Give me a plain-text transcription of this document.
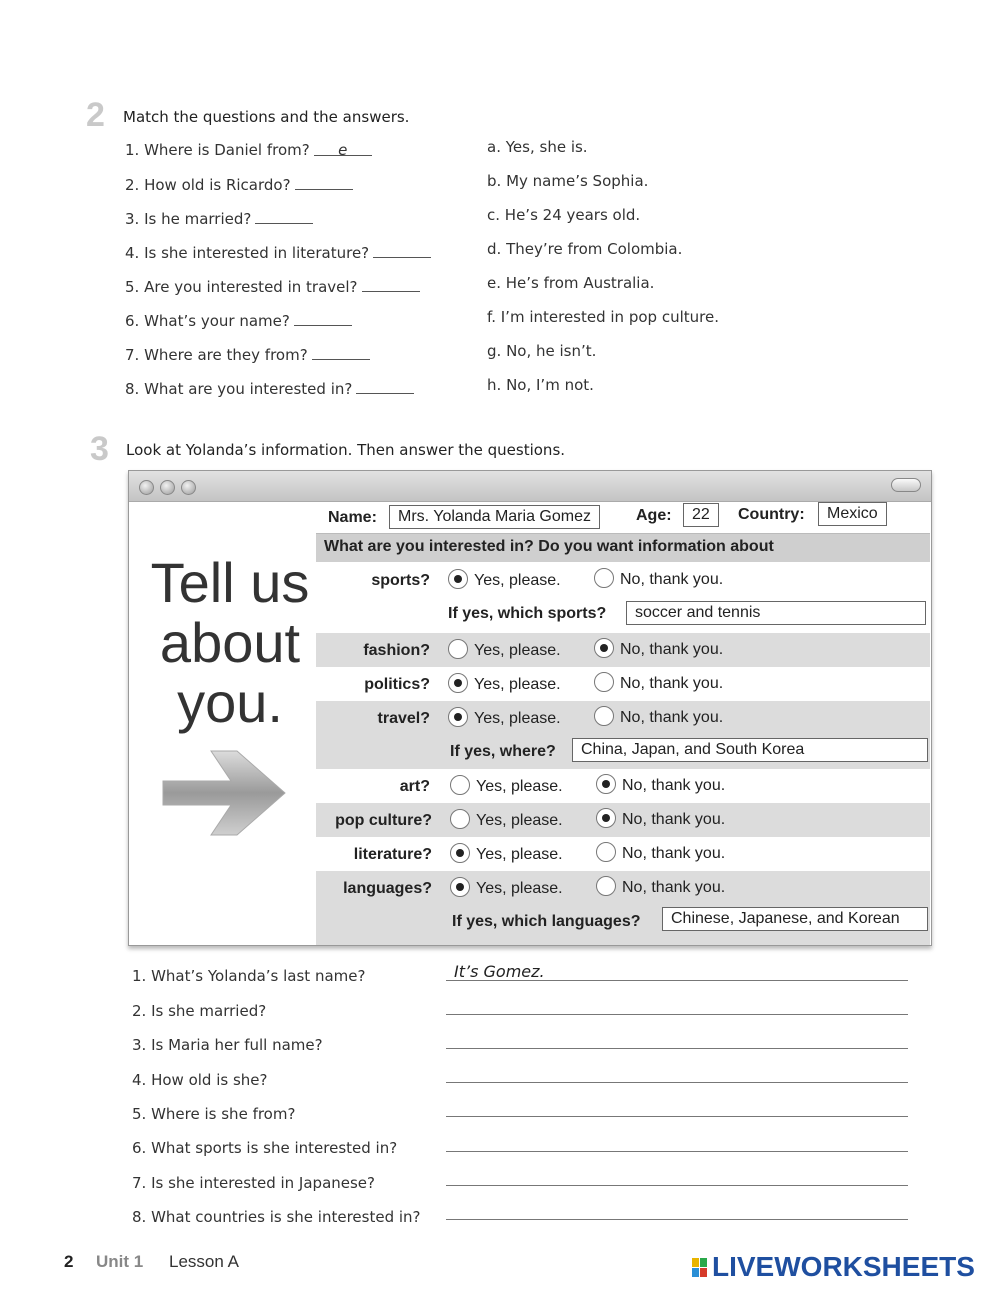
2 Match the questions and the answers.
1. Where is Daniel from? e
2. How old is Ricardo?
3. Is he married?
4. Is she interested in literature?
5. Are you interested in travel?
6. What’s your name?
7. Where are they from?
8. What are you interested in?
a. Yes, she is.
b. My name’s Sophia.
c. He’s 24 years old.
d. They’re from Colombia.
e. He’s from Australia.
f. I’m interested in pop culture.
g. No, he isn’t.
h. No, I’m not.
3 Look at Yolanda’s information. Then answer the questions.
Tell us
about
you.
Name:	Mrs. Yolanda Maria Gomez	Age:	22	Country:	Mexico
What are you interested in? Do you want information about
sports?	Yes, please.	No, thank you.
If yes, which sports?	soccer and tennis
fashion?	Yes, please.	No, thank you.
politics?	Yes, please.	No, thank you.
travel?	Yes, please.	No, thank you.
If yes, where?	China, Japan, and South Korea
art?	Yes, please.	No, thank you.
pop culture?	Yes, please.	No, thank you.
literature?	Yes, please.	No, thank you.
languages?	Yes, please.	No, thank you.
If yes, which languages?	Chinese, Japanese, and Korean
1. What’s Yolanda’s last name?	It’s Gomez.
2. Is she married?
3. Is Maria her full name?
4. How old is she?
5. Where is she from?
6. What sports is she interested in?
7. Is she interested in Japanese?
8. What countries is she interested in?
2 Unit 1 Lesson A	LIVEWORKSHEETS
